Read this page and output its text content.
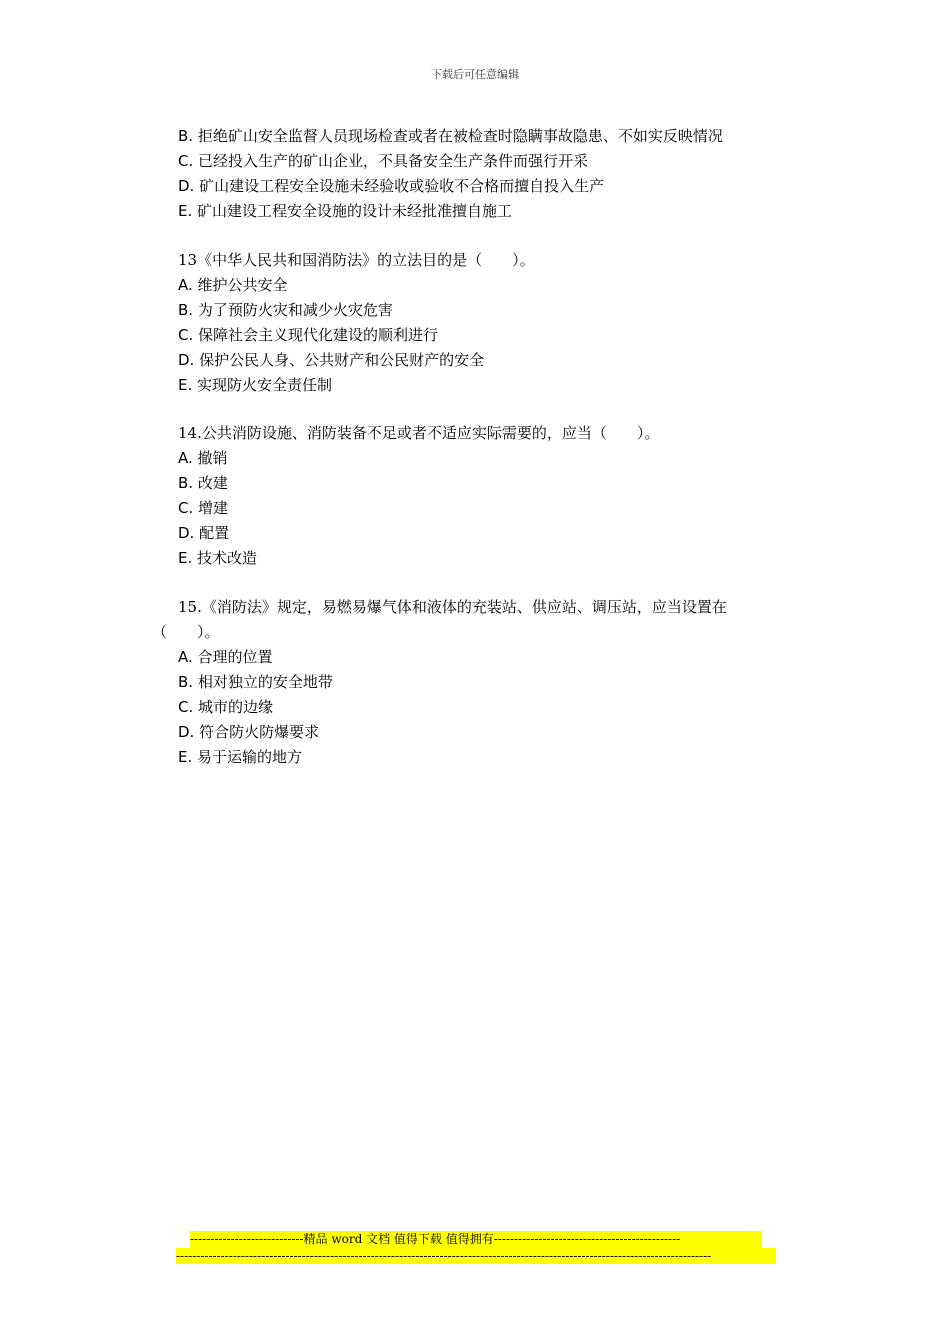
下载后可任意编辑
B. 拒绝矿山安全监督人员现场检查或者在被检查时隐瞒事故隐患、不如实反映情况
C. 已经投入生产的矿山企业，不具备安全生产条件而强行开采
D. 矿山建设工程安全设施未经验收或验收不合格而擅自投入生产
E. 矿山建设工程安全设施的设计未经批准擅自施工
13《中华人民共和国消防法》的立法目的是（　　）。
A. 维护公共安全
B. 为了预防火灾和减少火灾危害
C. 保障社会主义现代化建设的顺利进行
D. 保护公民人身、公共财产和公民财产的安全
E. 实现防火安全责任制
14.公共消防设施、消防装备不足或者不适应实际需要的，应当（　　）。
A. 撤销
B. 改建
C. 增建
D. 配置
E. 技术改造
15.《消防法》规定，易燃易爆气体和液体的充装站、供应站、调压站，应当设置在
（　　）。
A. 合理的位置
B. 相对独立的安全地带
C. 城市的边缘
D. 符合防火防爆要求
E. 易于运输的地方
----------------------------精品 word 文档 值得下载 值得拥有----------------------------------------------
------------------------------------------------------------------------------------------------------------------------------------
